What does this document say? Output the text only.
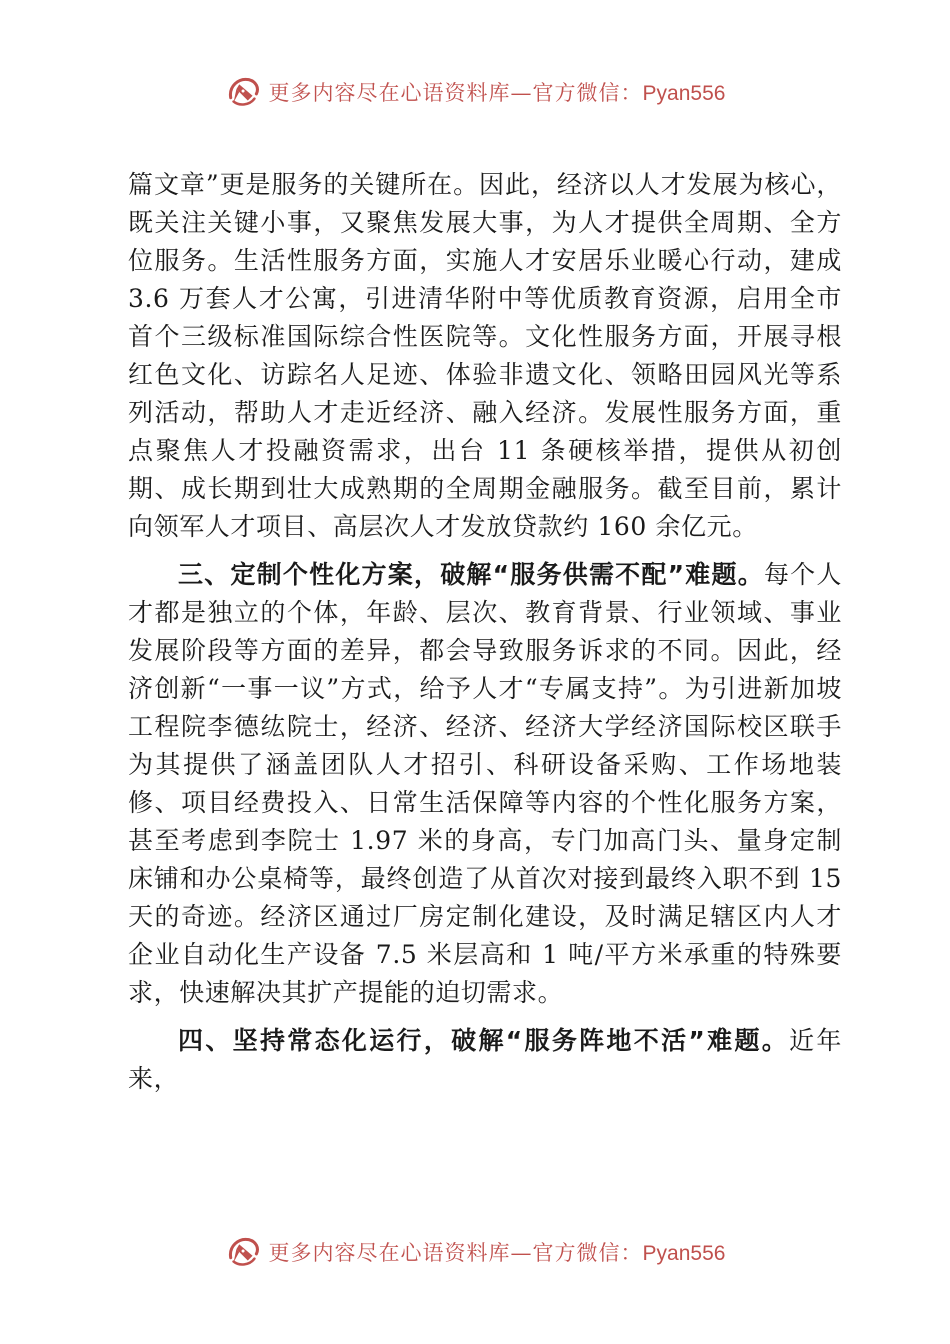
更多内容尽在心语资料库—官方微信：Pyan556

篇文章”更是服务的关键所在。因此，经济以人才发展为核心，既关注关键小事，又聚焦发展大事，为人才提供全周期、全方位服务。生活性服务方面，实施人才安居乐业暖心行动，建成 3.6 万套人才公寓，引进清华附中等优质教育资源，启用全市首个三级标准国际综合性医院等。文化性服务方面，开展寻根红色文化、访踪名人足迹、体验非遗文化、领略田园风光等系列活动，帮助人才走近经济、融入经济。发展性服务方面，重点聚焦人才投融资需求，出台 11 条硬核举措，提供从初创期、成长期到壮大成熟期的全周期金融服务。截至目前，累计向领军人才项目、高层次人才发放贷款约 160 余亿元。

三、定制个性化方案，破解“服务供需不配”难题。每个人才都是独立的个体，年龄、层次、教育背景、行业领域、事业发展阶段等方面的差异，都会导致服务诉求的不同。因此，经济创新“一事一议”方式，给予人才“专属支持”。为引进新加坡工程院李德纮院士，经济、经济、经济大学经济国际校区联手为其提供了涵盖团队人才招引、科研设备采购、工作场地装修、项目经费投入、日常生活保障等内容的个性化服务方案，甚至考虑到李院士 1.97 米的身高，专门加高门头、量身定制床铺和办公桌椅等，最终创造了从首次对接到最终入职不到 15 天的奇迹。经济区通过厂房定制化建设，及时满足辖区内人才企业自动化生产设备 7.5 米层高和 1 吨/平方米承重的特殊要求，快速解决其扩产提能的迫切需求。

四、坚持常态化运行，破解“服务阵地不活”难题。近年来，

更多内容尽在心语资料库—官方微信：Pyan556
